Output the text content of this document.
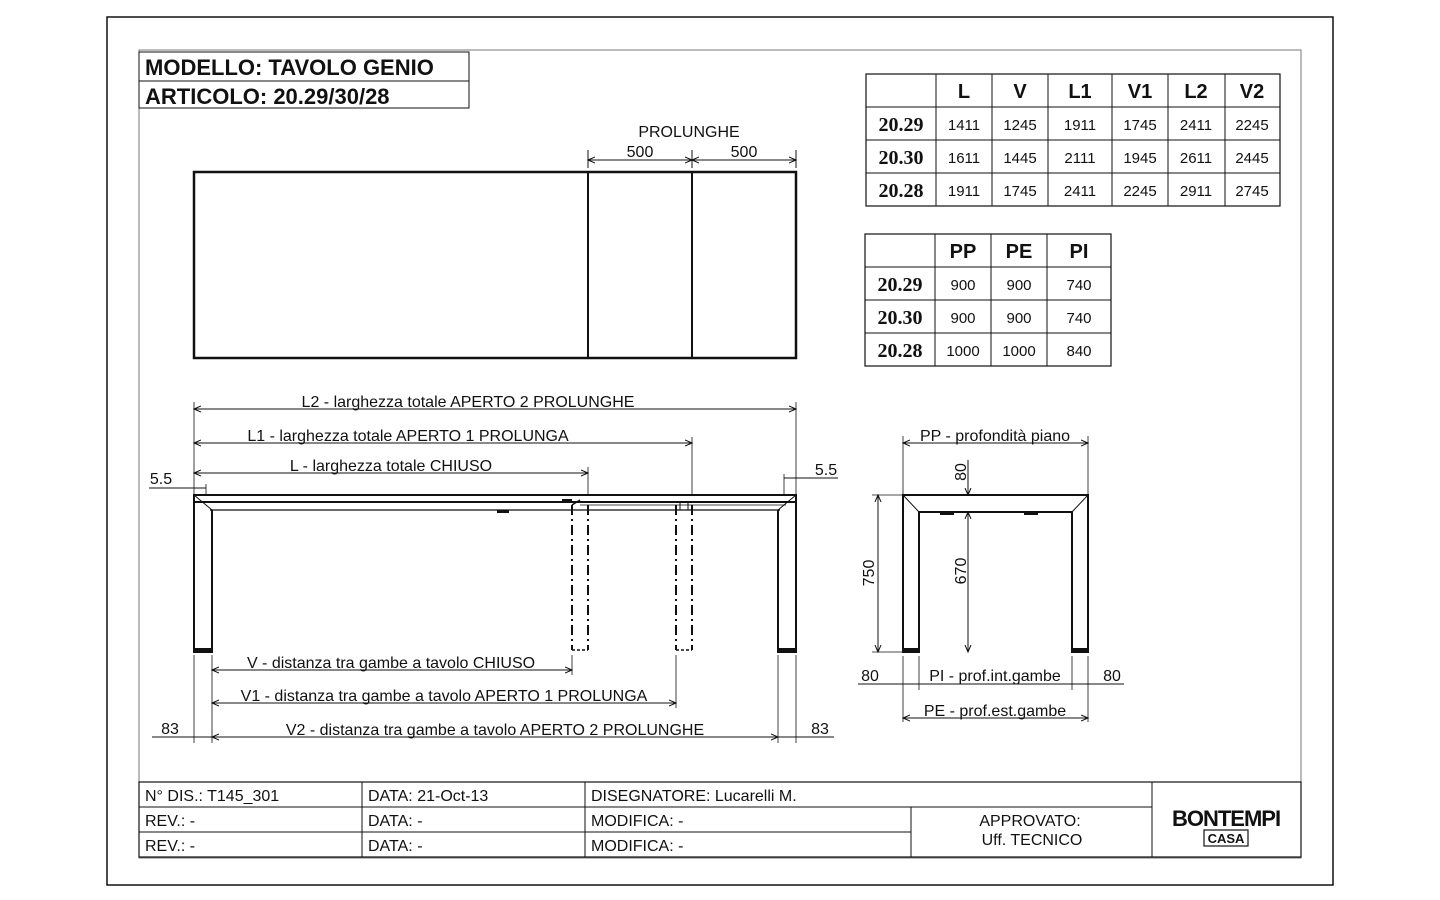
MODELLO: TAVOLO GENIO
ARTICOLO: 20.29/30/28
PROLUNGHE
500	500
L2 - larghezza totale APERTO 2 PROLUNGHE
L1 - larghezza totale APERTO 1 PROLUNGA
L - larghezza totale CHIUSO
5.5
5.5
V - distanza tra gambe a tavolo CHIUSO
V1 - distanza tra gambe a tavolo APERTO 1 PROLUNGA
V2 - distanza tra gambe a tavolo APERTO 2 PROLUNGHE
83	83
PP - profondità piano
80
750	670
80	80
PI - prof.int.gambe
PE - prof.est.gambe
L V L1 V1 L2 V2
20.29 1411 1245 1911 1745 2411 2245
20.30 1611 1445 2111 1945 2611 2445
20.28 1911 1745 2411 2245 2911 2745
PP PE PI
20.29 900 900 740
20.30 900 900 740
20.28 1000 1000 840
N° DIS.: T145_301	DATA: 21-Oct-13	DISEGNATORE: Lucarelli M.
REV.: -	DATA: -	MODIFICA: -
REV.: -	DATA: -	MODIFICA: -
APPROVATO:
Uff. TECNICO
BONTEMPI
CASA
